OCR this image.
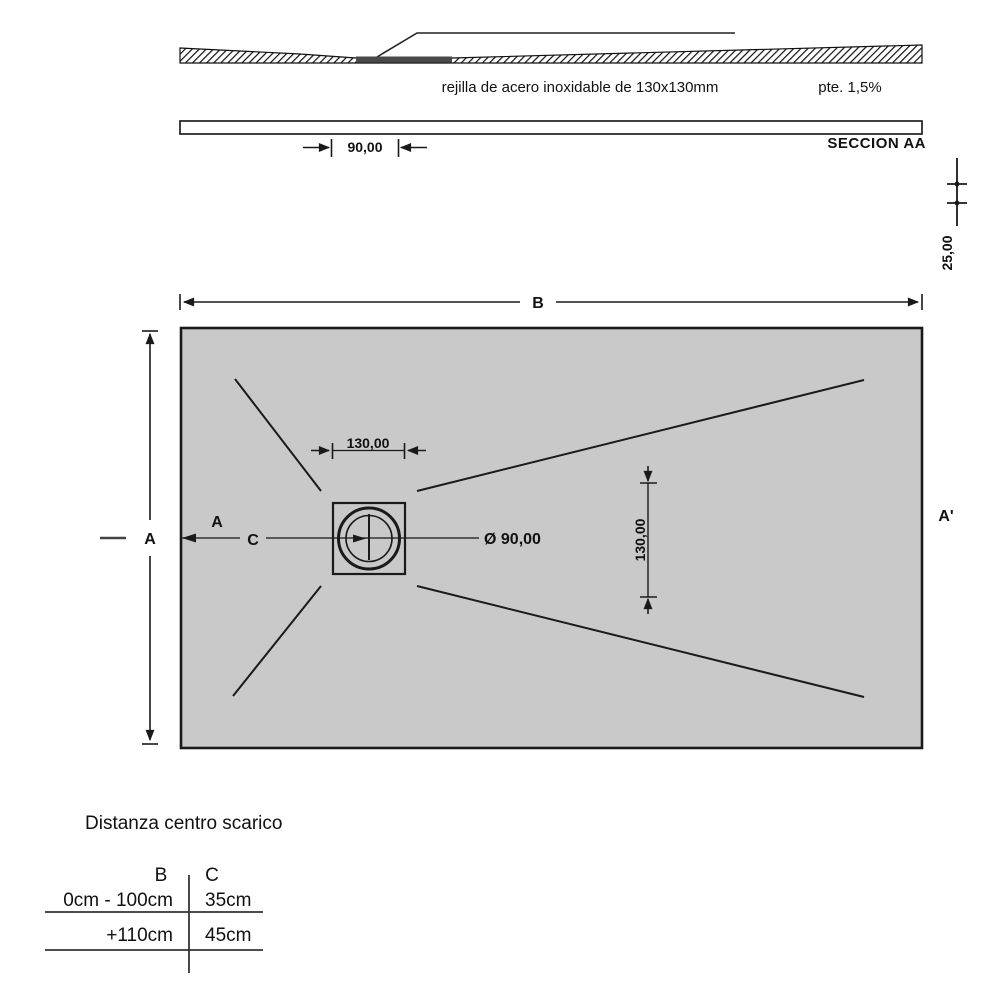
rejilla de acero inoxidable de 130x130mm	pte. 1,5%
SECCION AA
90,00
25,00
B
A
A
C
A'
Ø 90,00
130,00
130,00
Distanza centro scarico
B C
0cm - 100cm 35cm
+110cm 45cm
